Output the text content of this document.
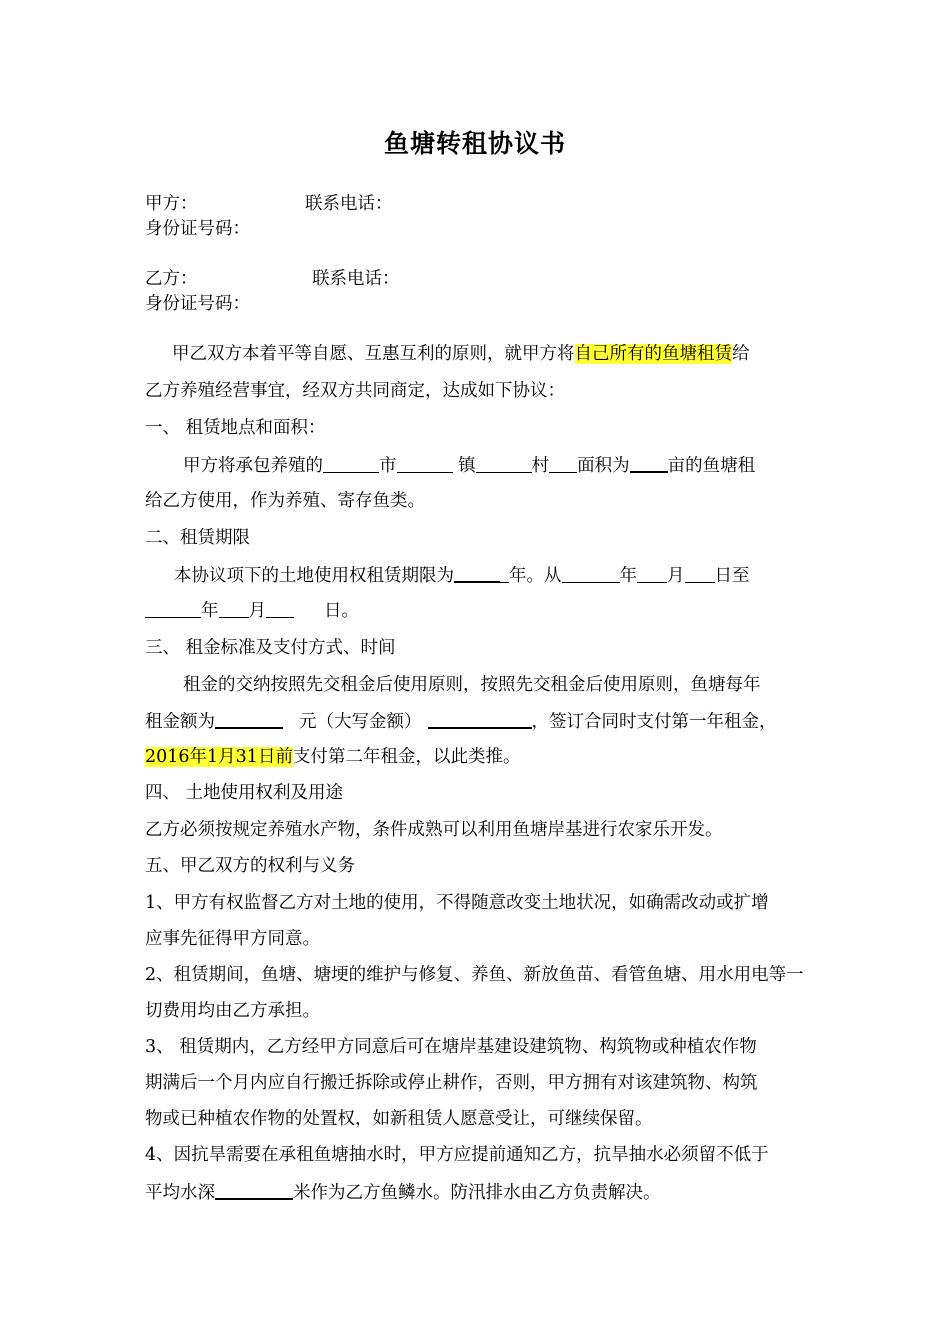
鱼塘转租协议书
甲方：	联系电话：
身份证号码：
乙方：	联系电话：
身份证号码：
甲乙双方本着平等自愿、互惠互利的原则，就甲方将自己所有的鱼塘租赁给
乙方养殖经营事宜，经双方共同商定，达成如下协议：
一、 租赁地点和面积：
甲方将承包养殖的	市	镇	村 面积为 亩的鱼塘租
给乙方使用，作为养殖、寄存鱼类。
二、租赁期限
本协议项下的土地使用权租赁期限为	年。从	年 月 日至
年 月	日。
三、 租金标准及支付方式、时间
租金的交纳按照先交租金后使用原则，按照先交租金后使用原则，鱼塘每年
租金额为	元（大写金额）	，签订合同时支付第一年租金，
2016年1月31日前支付第二年租金，以此类推。
四、 土地使用权利及用途
乙方必须按规定养殖水产物，条件成熟可以利用鱼塘岸基进行农家乐开发。
五、甲乙双方的权利与义务
1、甲方有权监督乙方对土地的使用，不得随意改变土地状况，如确需改动或扩增
应事先征得甲方同意。
2、租赁期间，鱼塘、塘埂的维护与修复、养鱼、新放鱼苗、看管鱼塘、用水用电等一
切费用均由乙方承担。
3、 租赁期内，乙方经甲方同意后可在塘岸基建设建筑物、构筑物或种植农作物
期满后一个月内应自行搬迁拆除或停止耕作，否则，甲方拥有对该建筑物、构筑
物或已种植农作物的处置权，如新租赁人愿意受让，可继续保留。
4、因抗旱需要在承租鱼塘抽水时，甲方应提前通知乙方，抗旱抽水必须留不低于
平均水深	米作为乙方鱼鳞水。防汛排水由乙方负责解决。
